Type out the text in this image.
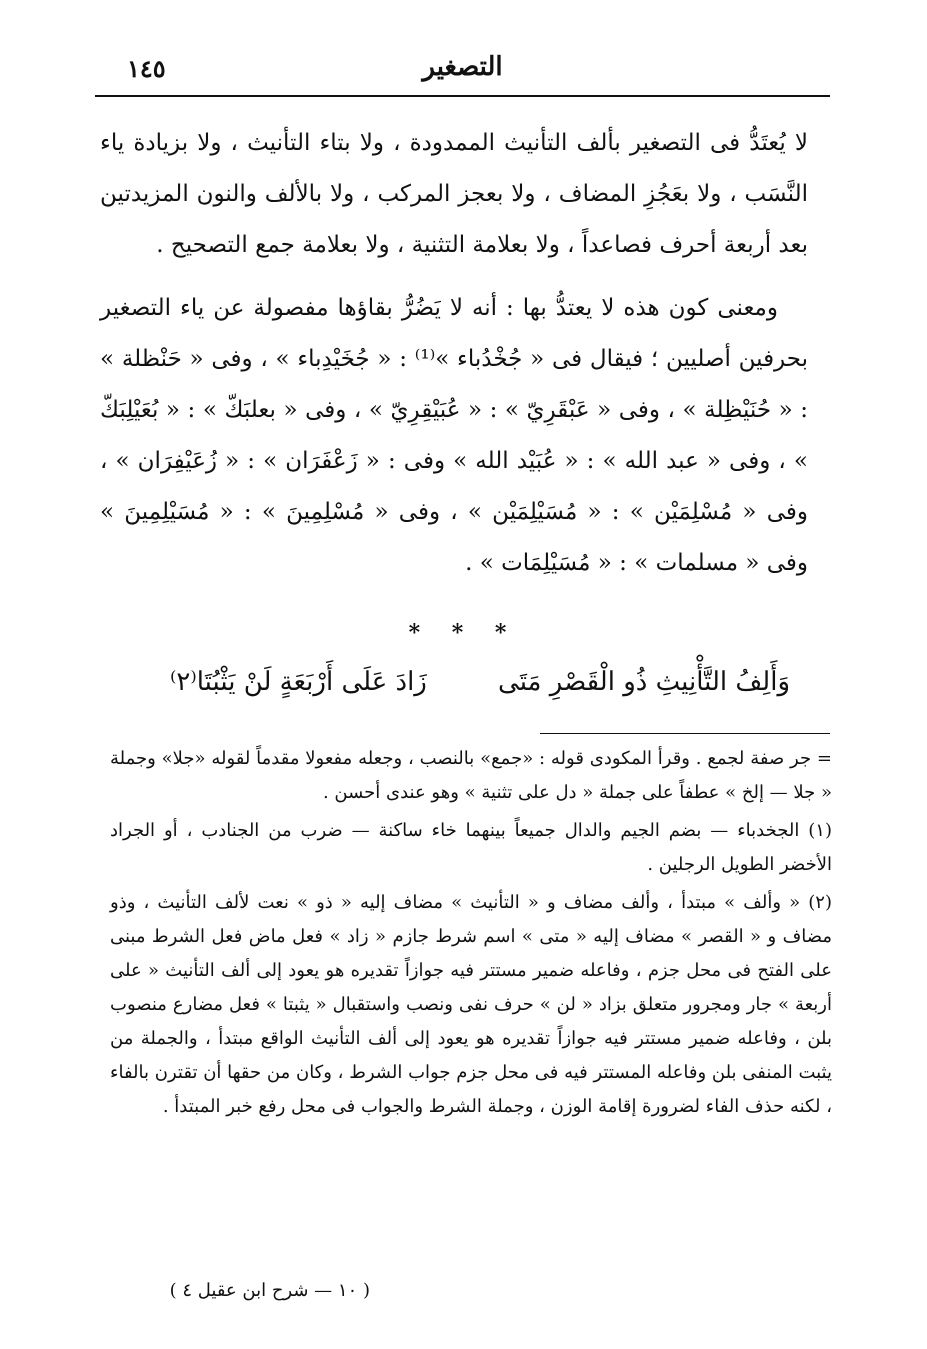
التصغير
١٤٥

لا يُعتَدُّ فى التصغير بألف التأنيث الممدودة ، ولا بتاء التأنيث ، ولا بزيادة ياء النَّسَب ، ولا بعَجُزِ المضاف ، ولا بعجز المركب ، ولا بالألف والنون المزيدتين بعد أربعة أحرف فصاعداً ، ولا بعلامة التثنية ، ولا بعلامة جمع التصحيح .

ومعنى كون هذه لا يعتدُّ بها : أنه لا يَضُرُّ بقاؤها مفصولة عن ياء التصغير بحرفين أصليين ؛ فيقال فى « جُخْدُباء »⁽¹⁾ : « جُخَيْدِباء » ، وفى « حَنْظلة » : « حُنَيْظِلة » ، وفى « عَبْقَرِيّ » : « عُبَيْقِرِيّ » ، وفى « بعلبَكّ » : « بُعَيْلِبَكّ » ، وفى « عبد الله » : « عُبَيْد الله » وفى : « زَعْفَرَان » : « زُعَيْفِرَان » ، وفى « مُسْلِمَيْن » : « مُسَيْلِمَيْن » ، وفى « مُسْلِمِينَ » : « مُسَيْلِمِينَ » وفى « مسلمات » : « مُسَيْلِمَات » .

* * *
وَأَلِفُ التَّأْنِيثِ ذُو الْقَصْرِ مَتَى
زَادَ عَلَى أَرْبَعَةٍ لَنْ يَثْبُتَا⁽٢⁾

= جر صفة لجمع . وقرأ المكودى قوله : «جمع» بالنصب ، وجعله مفعولا مقدماً لقوله «جلا» وجملة « جلا — إلخ » عطفاً على جملة « دل على تثنية » وهو عندى أحسن .

(١) الجخدباء — بضم الجيم والدال جميعاً بينهما خاء ساكنة — ضرب من الجنادب ، أو الجراد الأخضر الطويل الرجلين .

(٢) « وألف » مبتدأ ، وألف مضاف و « التأنيث » مضاف إليه « ذو » نعت لألف التأنيث ، وذو مضاف و « القصر » مضاف إليه « متى » اسم شرط جازم « زاد » فعل ماض فعل الشرط مبنى على الفتح فى محل جزم ، وفاعله ضمير مستتر فيه جوازاً تقديره هو يعود إلى ألف التأنيث « على أربعة » جار ومجرور متعلق بزاد « لن » حرف نفى ونصب واستقبال « يثبتا » فعل مضارع منصوب بلن ، وفاعله ضمير مستتر فيه جوازاً تقديره هو يعود إلى ألف التأنيث الواقع مبتدأ ، والجملة من يثبت المنفى بلن وفاعله المستتر فيه فى محل جزم جواب الشرط ، وكان من حقها أن تقترن بالفاء ، لكنه حذف الفاء لضرورة إقامة الوزن ، وجملة الشرط والجواب فى محل رفع خبر المبتدأ .

( ١٠ — شرح ابن عقيل ٤ )
